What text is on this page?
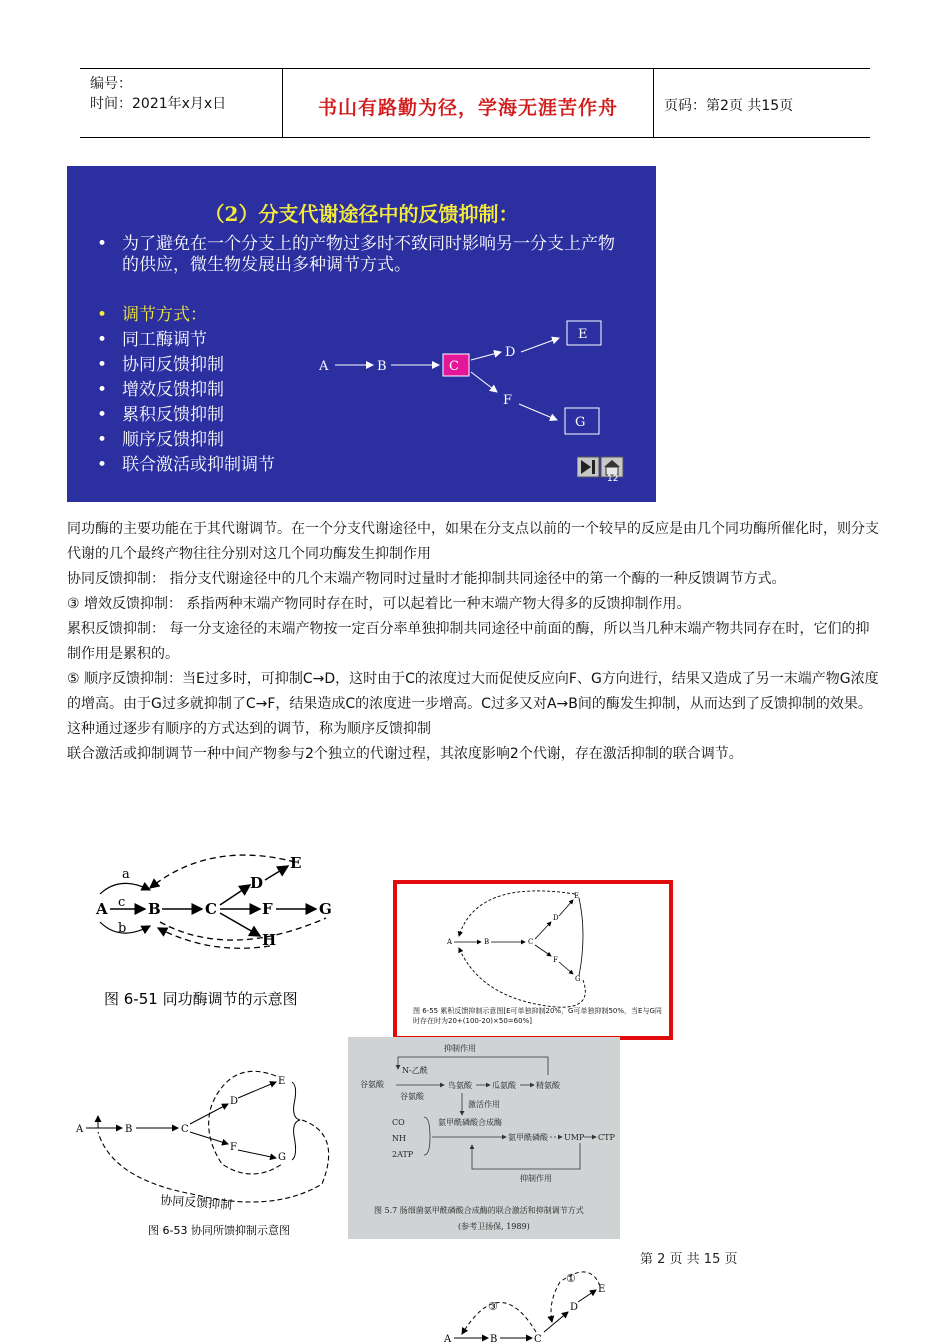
编号：
时间：2021年x月x日	书山有路勤为径，学海无涯苦作舟	页码：第2页 共15页
（2）分支代谢途径中的反馈抑制：
• 为了避免在一个分支上的产物过多时不致同时影响另一分支上产物的供应，微生物发展出多种调节方式。
• 调节方式：
• 同工酶调节
• 协同反馈抑制
• 增效反馈抑制
• 累积反馈抑制
• 顺序反馈抑制
• 联合激活或抑制调节
A	B	C
D
E
F
G
12

同功酶的主要功能在于其代谢调节。在一个分支代谢途径中，如果在分支点以前的一个较早的反应是由几个同功酶所催化时，则分支代谢的几个最终产物往往分别对这几个同功酶发生抑制作用

协同反馈抑制： 指分支代谢途径中的几个末端产物同时过量时才能抑制共同途径中的第一个酶的一种反馈调节方式。

③ 增效反馈抑制： 系指两种末端产物同时存在时，可以起着比一种末端产物大得多的反馈抑制作用。

累积反馈抑制： 每一分支途径的末端产物按一定百分率单独抑制共同途径中前面的酶，所以当几种末端产物共同存在时，它们的抑制作用是累积的。

⑤ 顺序反馈抑制：当E过多时，可抑制C→D，这时由于C的浓度过大而促使反应向F、G方向进行，结果又造成了另一末端产物G浓度的增高。由于G过多就抑制了C→F，结果造成C的浓度进一步增高。C过多又对A→B间的酶发生抑制，从而达到了反馈抑制的效果。这种通过逐步有顺序的方式达到的调节，称为顺序反馈抑制

联合激活或抑制调节一种中间产物参与2个独立的代谢过程，其浓度影响2个代谢，存在激活抑制的联合调节。

A	B	C
D
E
F	G
H
a
c
b
图 6-51 同功酶调节的示意图
A	B	C
D
E
F
G
图 6-55 累积反馈抑制示意图[E可单独抑制20%，G可单独抑制50%，当E与G同时存在时为20+(100-20)×50=60%]
A	B	C
D
E
F
G
协同反馈抑制
图 6-53 协同所馈抑制示意图
抑制作用
谷氨酸
N-乙酰
谷氨酸
鸟氨酸	瓜氨酸	精氨酸
激活作用
CO
NH
2ATP
氨甲酰磷酸合成酶
氨甲酰磷酸 UMP CTP
抑制作用
图 5.7 肠细菌氨甲酰磷酸合成酶的联合激活和抑制调节方式
(参考卫扬保, 1989)
第 2 页 共 15 页
A	B	C
D
E
③
①
